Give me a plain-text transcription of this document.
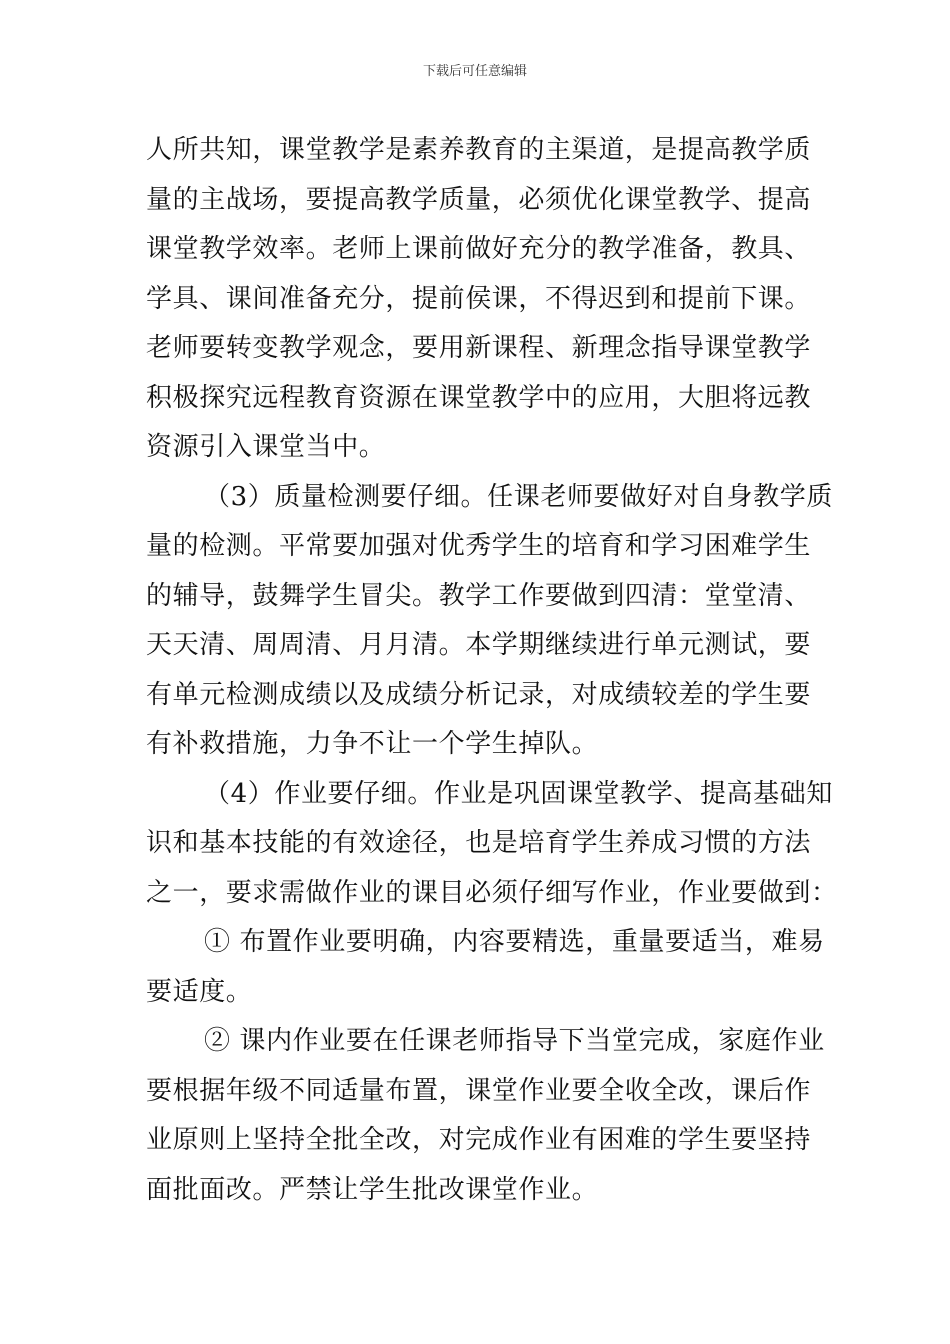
下载后可任意编辑
人所共知，课堂教学是素养教育的主渠道，是提高教学质
量的主战场，要提高教学质量，必须优化课堂教学、提高
课堂教学效率。老师上课前做好充分的教学准备，教具、
学具、课间准备充分，提前侯课，不得迟到和提前下课。
老师要转变教学观念，要用新课程、新理念指导课堂教学
积极探究远程教育资源在课堂教学中的应用，大胆将远教
资源引入课堂当中。
（3）质量检测要仔细。任课老师要做好对自身教学质
量的检测。平常要加强对优秀学生的培育和学习困难学生
的辅导，鼓舞学生冒尖。教学工作要做到四清：堂堂清、
天天清、周周清、月月清。本学期继续进行单元测试，要
有单元检测成绩以及成绩分析记录，对成绩较差的学生要
有补救措施，力争不让一个学生掉队。
（4）作业要仔细。作业是巩固课堂教学、提高基础知
识和基本技能的有效途径，也是培育学生养成习惯的方法
之一，要求需做作业的课目必须仔细写作业，作业要做到：
① 布置作业要明确，内容要精选，重量要适当，难易
要适度。
② 课内作业要在任课老师指导下当堂完成，家庭作业
要根据年级不同适量布置，课堂作业要全收全改，课后作
业原则上坚持全批全改，对完成作业有困难的学生要坚持
面批面改。严禁让学生批改课堂作业。
